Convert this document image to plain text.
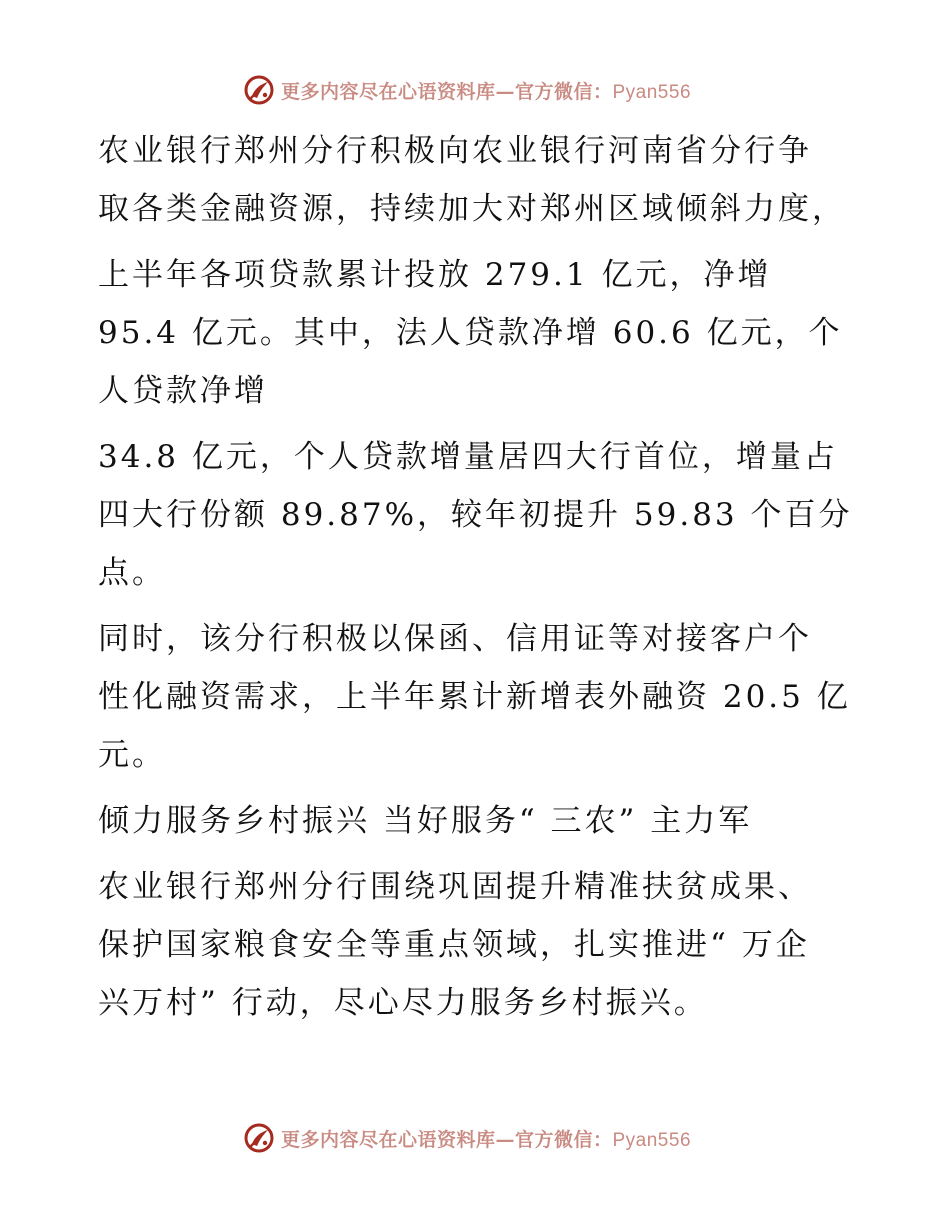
更多内容尽在心语资料库—官方微信：Pyan556
农业银行郑州分行积极向农业银行河南省分行争
取各类金融资源，持续加大对郑州区域倾斜力度，
上半年各项贷款累计投放 279.1 亿元，净增
95.4 亿元。其中，法人贷款净增 60.6 亿元，个
人贷款净增
34.8 亿元，个人贷款增量居四大行首位，增量占
四大行份额 89.87%，较年初提升 59.83 个百分
点。
同时，该分行积极以保函、信用证等对接客户个
性化融资需求，上半年累计新增表外融资 20.5 亿
元。
倾力服务乡村振兴 当好服务“ 三农” 主力军
农业银行郑州分行围绕巩固提升精准扶贫成果、
保护国家粮食安全等重点领域，扎实推进“ 万企
兴万村” 行动，尽心尽力服务乡村振兴。
更多内容尽在心语资料库—官方微信：Pyan556
